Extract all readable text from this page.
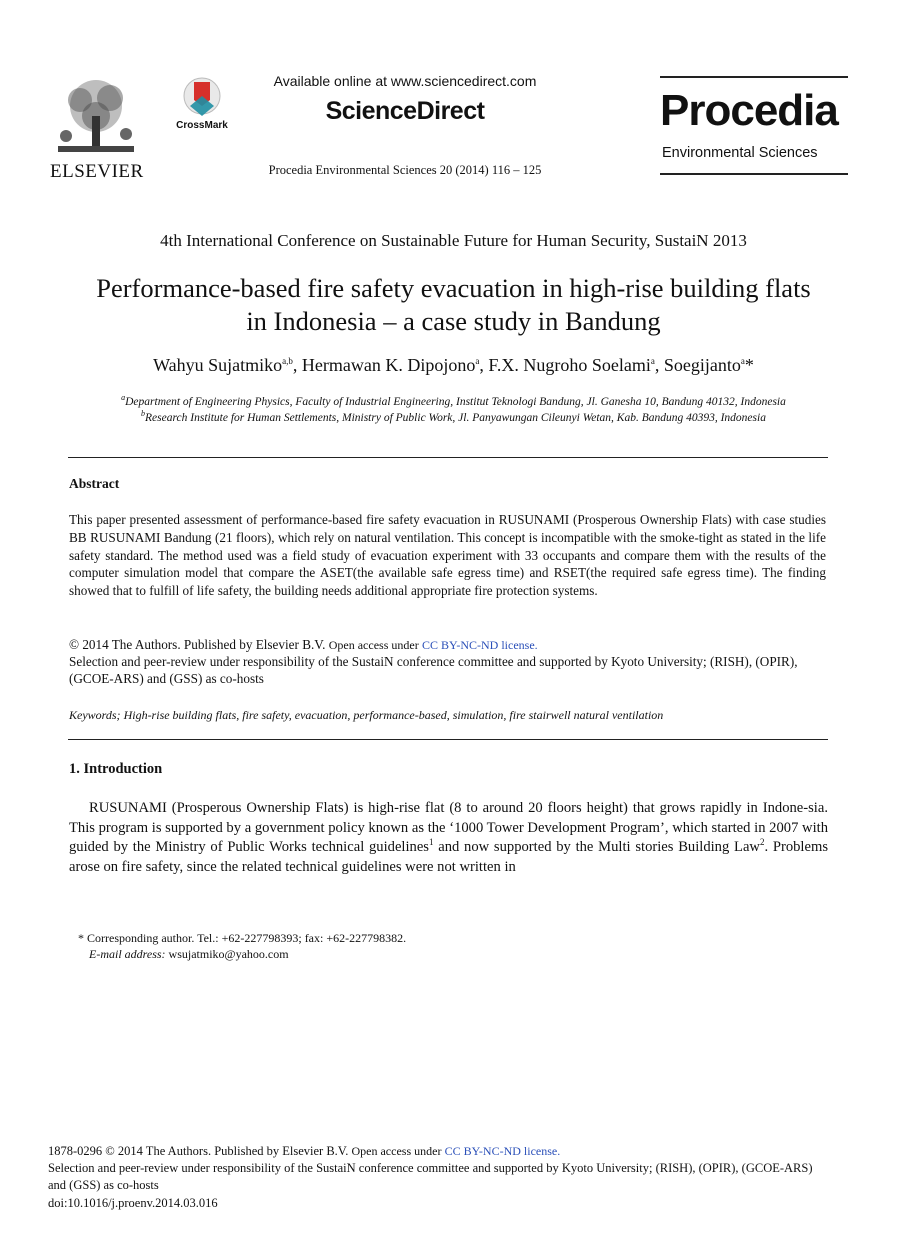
ELSEVIER
CrossMark
Available online at www.sciencedirect.com
ScienceDirect
Procedia Environmental Sciences 20 (2014) 116 – 125
Procedia
Environmental Sciences
4th International Conference on Sustainable Future for Human Security, SustaiN 2013
Performance-based fire safety evacuation in high-rise building flats
in Indonesia – a case study in Bandung
Wahyu Sujatmiko$^{a,b}$, Hermawan K. Dipojono$^a$, F.X. Nugroho Soelami$^a$, Soegijanto$^a$*
$^a$Department of Engineering Physics, Faculty of Industrial Engineering, Institut Teknologi Bandung, Jl. Ganesha 10, Bandung 40132, Indonesia
$^b$Research Institute for Human Settlements, Ministry of Public Work, Jl. Panyawungan Cileunyi Wetan, Kab. Bandung 40393, Indonesia
Abstract
This paper presented assessment of performance-based fire safety evacuation in RUSUNAMI (Prosperous Ownership Flats) with case studies BB RUSUNAMI Bandung (21 floors), which rely on natural ventilation. This concept is incompatible with the smoke-tight as stated in the life safety standard. The method used was a field study of evacuation experiment with 33 occupants and compare them with the results of the computer simulation model that compare the ASET(the available safe egress time) and RSET(the required safe egress time). The finding showed that to fulfill of life safety, the building needs additional appropriate fire protection systems.
© 2014 The Authors. Published by Elsevier B.V. Open access under CC BY-NC-ND license.
Selection and peer-review under responsibility of the SustaiN conference committee and supported by Kyoto University; (RISH), (OPIR), (GCOE-ARS) and (GSS) as co-hosts
Keywords; High-rise building flats, fire safety, evacuation, performance-based, simulation, fire stairwell natural ventilation
1. Introduction
RUSUNAMI (Prosperous Ownership Flats) is high-rise flat (8 to around 20 floors height) that grows rapidly in Indone-sia. This program is supported by a government policy known as the ‘1000 Tower Development Program’, which started in 2007 with guided by the Ministry of Public Works technical guidelines$^1$ and now supported by the Multi stories Building Law$^2$. Problems arose on fire safety, since the related technical guidelines were not written in
* Corresponding author. Tel.: +62-227798393; fax: +62-227798382.
E-mail address: wsujatmiko@yahoo.com
1878-0296 © 2014 The Authors. Published by Elsevier B.V. Open access under CC BY-NC-ND license.
Selection and peer-review under responsibility of the SustaiN conference committee and supported by Kyoto University; (RISH), (OPIR), (GCOE-ARS) and (GSS) as co-hosts
doi:10.1016/j.proenv.2014.03.016
